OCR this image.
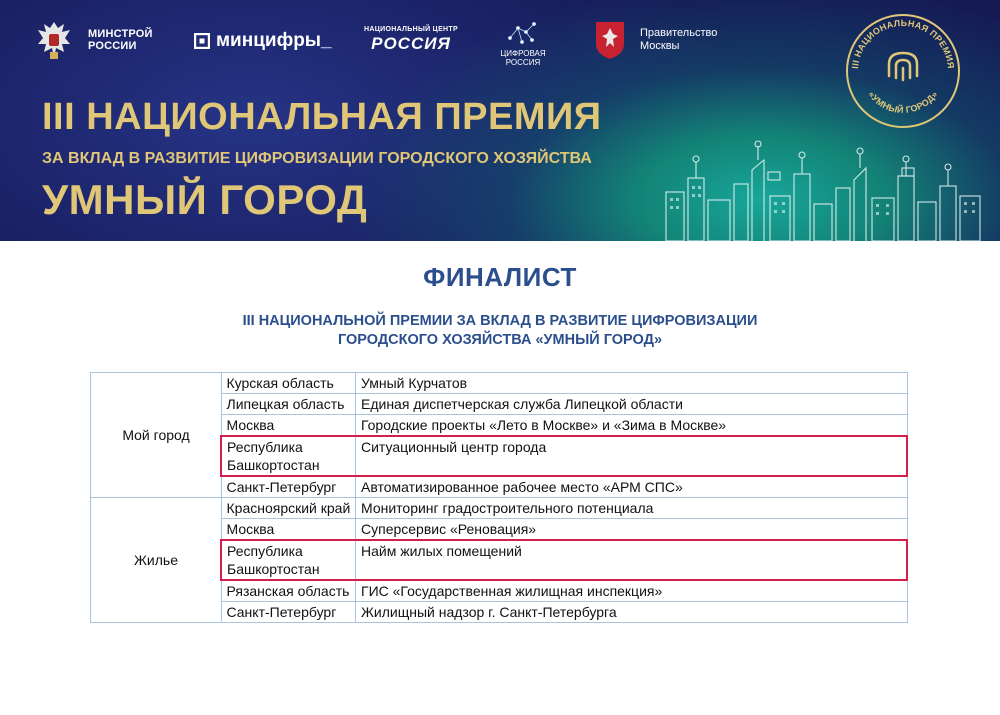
МИНСТРОЙ
РОССИИ	минцифры_
НАЦИОНАЛЬНЫЙ ЦЕНТР
РОССИЯ
ЦИФРОВАЯ
РОССИЯ
Правительство
Москвы
III НАЦИОНАЛЬНАЯ ПРЕМИЯ
ЗА ВКЛАД В РАЗВИТИЕ ЦИФРОВИЗАЦИИ ГОРОДСКОГО ХОЗЯЙСТВА
УМНЫЙ ГОРОД
III НАЦИОНАЛЬНАЯ ПРЕМИЯ
«УМНЫЙ ГОРОД»
ФИНАЛИСТ
III НАЦИОНАЛЬНОЙ ПРЕМИИ ЗА ВКЛАД В РАЗВИТИЕ ЦИФРОВИЗАЦИИ
ГОРОДСКОГО ХОЗЯЙСТВА «УМНЫЙ ГОРОД»
Мой город	Курская область	Умный Курчатов
	Липецкая область	Единая диспетчерская служба Липецкой области
	Москва	Городские проекты «Лето в Москве» и «Зима в Москве»
	Республика Башкортостан	Ситуационный центр города
	Санкт-Петербург	Автоматизированное рабочее место «АРМ СПС»
Жилье	Красноярский край	Мониторинг градостроительного потенциала
	Москва	Суперсервис «Реновация»
	Республика Башкортостан	Найм жилых помещений
	Рязанская область	ГИС «Государственная жилищная инспекция»
	Санкт-Петербург	Жилищный надзор г. Санкт-Петербурга
